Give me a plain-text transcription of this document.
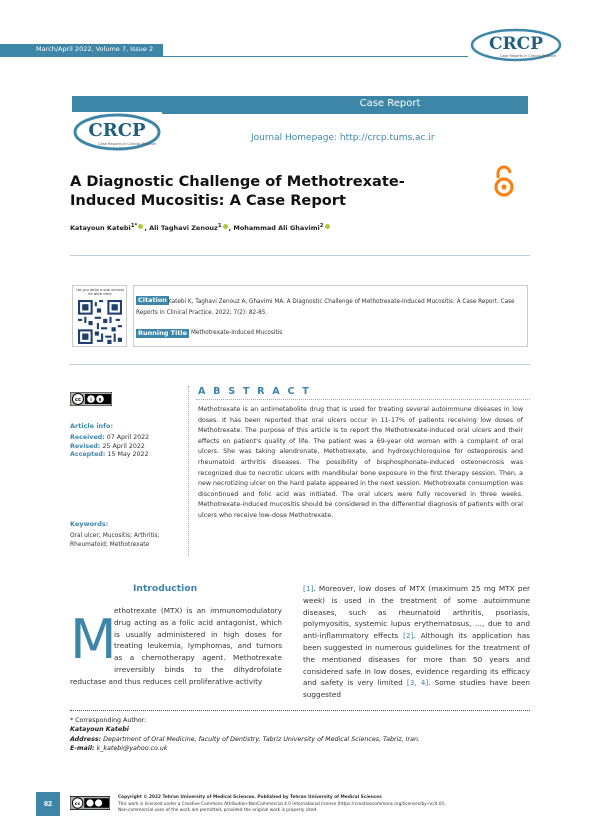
March/April 2022, Volume 7, Issue 2	CRCP
Case Reports in Clinical Practice
Case Report
CRCP
Case Reports in Clinical Practice
Journal Homepage: http://crcp.tums.ac.ir
A Diagnostic Challenge of Methotrexate-Induced Mucositis: A Case Report
Katayoun Katebi$^{1*}$ , Ali Taghavi Zenouz$^1$ , Mohammad Ali Ghavimi$^2$
Use your device to scan and read the article online
Citation Katebi K, Taghavi Zenouz A, Ghavimi MA. A Diagnostic Challenge of Methotrexate-Induced Mucositis: A Case Report. Case Reports in Clinical Practice. 2022; 7(2): 82-85.
Running Title Methotrexate-Induced Mucositis
cc i $
Article info:
Received: 07 April 2022
Revised: 25 April 2022
Accepted: 15 May 2022
Keywords:
Oral ulcer; Mucositis; Arthritis; Rheumatoid; Methotrexate
A B S T R A C T
Methotrexate is an antimetabolite drug that is used for treating several autoimmune diseases in low doses. It has been reported that oral ulcers occur in 11-17% of patients receiving low doses of Methotrexate. The purpose of this article is to report the Methotrexate-induced oral ulcers and their effects on patient's quality of life. The patient was a 69-year old woman with a complaint of oral ulcers. She was taking alendronate, Methotrexate, and hydroxychloroquine for osteoporosis and rheumatoid arthritis diseases. The possibility of bisphosphonate-induced osteonecrosis was recognized due to necrotic ulcers with mandibular bone exposure in the first therapy session. Then, a new necrotizing ulcer on the hard palate appeared in the next session. Methotrexate consumption was discontinued and folic acid was initiated. The oral ulcers were fully recovered in three weeks. Methotrexate-induced mucositis should be considered in the differential diagnosis of patients with oral ulcers who receive low-dose Methotrexate.
Introduction
ethotrexate (MTX) is an immunomodulatory drug acting as a folic acid antagonist, which is usually administered in high doses for treating leukemia, lymphomas, and tumors as a chemotherapy agent. Methotrexate irreversibly binds to the dihydrofolate reductase and thus reduces cell proliferative activity
M
[1]. Moreover, low doses of MTX (maximum 25 mg MTX per week) is used in the treatment of some autoimmune diseases, such as rheumatoid arthritis, psoriasis, polymyositis, systemic lupus erythematosus, ..., due to and anti-inflammatory effects [2]. Although its application has been suggested in numerous guidelines for the treatment of the mentioned diseases for more than 50 years and considered safe in low doses, evidence regarding its efficacy and safety is very limited [3, 4]. Some studies have been suggested
* Corresponding Author:
Katayoun Katebi
Address: Department of Oral Medicine, faculty of Dentistry, Tabriz University of Medical Sciences, Tabriz, Iran.
E-mail: k_katebi@yahoo.co.uk
82	cc
Copyright © 2022 Tehran University of Medical Sciences. Published by Tehran University of Medical Sciences
This work is licensed under a Creative Commons Attribution-NonCommercial 4.0 International license (https://creativecommons.org/licenses/by-nc/4.0/).
Non-commercial uses of the work are permitted, provided the original work is properly cited.
